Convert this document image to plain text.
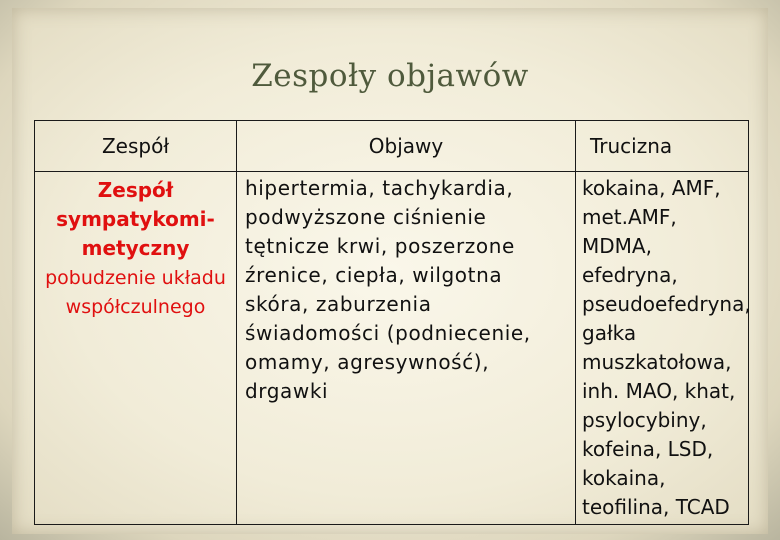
Zespoły objawów
Zespół	Objawy	Trucizna

Zespół sympatykomi-metyczny
pobudzenie układu współczulnego	hipertermia, tachykardia, podwyższone ciśnienie tętnicze krwi, poszerzone źrenice, ciepła, wilgotna skóra, zaburzenia świadomości (podniecenie, omamy, agresywność), drgawki	kokaina, AMF, met.AMF, MDMA, efedryna, pseudoefedryna, gałka muszkatołowa, inh. MAO, khat, psylocybiny, kofeina, LSD, kokaina, teofilina, TCAD
